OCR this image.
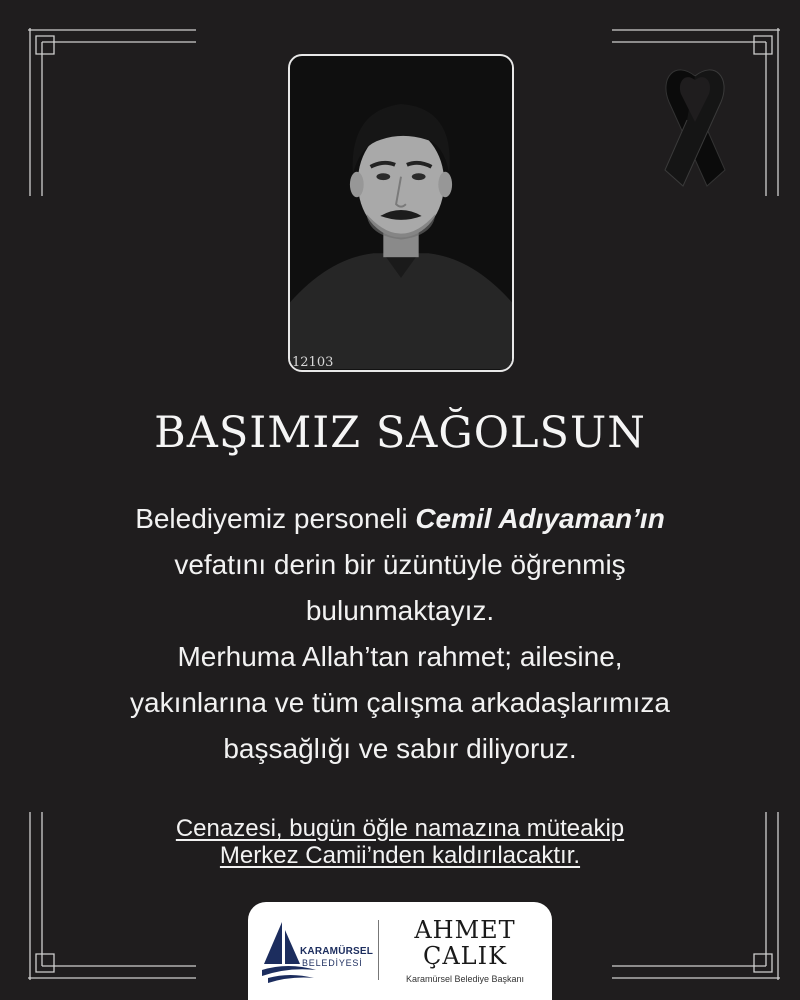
12103
BAŞIMIZ SAĞOLSUN
Belediyemiz personeli Cemil Adıyaman’ın
vefatını derin bir üzüntüyle öğrenmiş
bulunmaktayız.
Merhuma Allah’tan rahmet; ailesine,
yakınlarına ve tüm çalışma arkadaşlarımıza
başsağlığı ve sabır diliyoruz.
Cenazesi, bugün öğle namazına müteakip
Merkez Camii’nden kaldırılacaktır.
KARAMÜRSEL
BELEDİYESİ
AHMET
ÇALIK
Karamürsel Belediye Başkanı
